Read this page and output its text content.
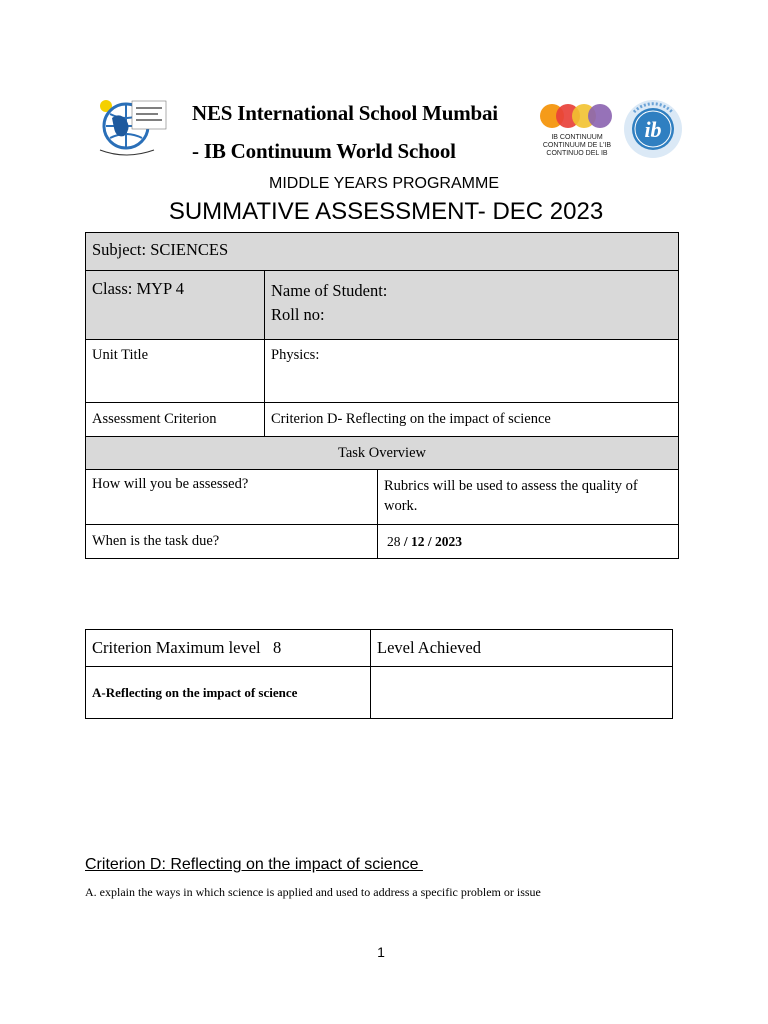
NES International School Mumbai
- IB Continuum World School
IB CONTINUUM
CONTINUUM DE L'IB
CONTINUO DEL IB
ib
MIDDLE YEARS PROGRAMME
SUMMATIVE ASSESSMENT- DEC 2023
Subject: SCIENCES		
Class: MYP 4	Name of Student:
Roll no:	

Unit Title	Physics:	
Assessment Criterion	Criterion D- Reflecting on the impact of science	
Task Overview		
How will you be assessed?		Rubrics will be used to assess the quality of work.
When is the task due?		28 / 12 / 2023
Criterion Maximum level 8	Level Achieved
A-Reflecting on the impact of science	
Criterion D: Reflecting on the impact of science
A. explain the ways in which science is applied and used to address a specific problem or issue
1
